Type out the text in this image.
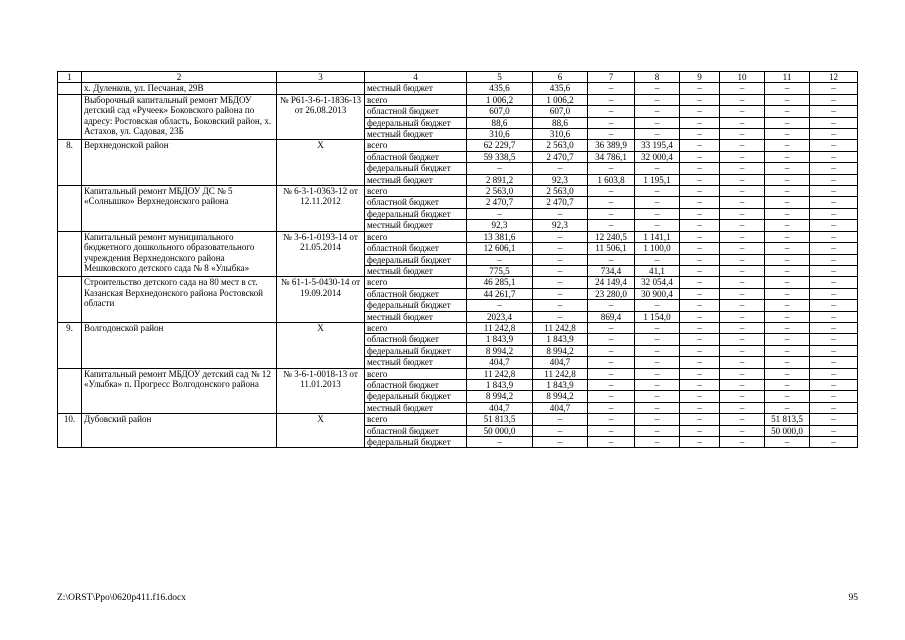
1	2	3	4	5	6	7	8	9	10	11	12
	х. Дуленков, ул. Песчаная, 29В		местный бюджет	435,6	435,6	–	–	–	–	–	–
	Выборочный капитальный ремонт МБДОУ детский сад «Ручеек» Боковского района по адресу: Ростовская область, Боковский район, х. Астахов, ул. Садовая, 23Б	№ Р61-3-6-1-1836-13 от 26.08.2013	всего	1 006,2	1 006,2	–	–	–	–	–	–
			областной бюджет	607,0	607,0	–	–	–	–	–	–
			федеральный бюджет	88,6	88,6	–	–	–	–	–	–
			местный бюджет	310,6	310,6	–	–	–	–	–	–
8.	Верхнедонской район	Х	всего	62 229,7	2 563,0	36 389,9	33 195,4	–	–	–	–
			областной бюджет	59 338,5	2 470,7	34 786,1	32 000,4	–	–	–	–
			федеральный бюджет	–	–	–	–	–	–	–	–
			местный бюджет	2 891,2	92,3	1 603,8	1 195,1	–	–	–	–
	Капитальный ремонт МБДОУ ДС № 5 «Солнышко» Верхнедонского района	№ 6-3-1-0363-12 от 12.11.2012	всего	2 563,0	2 563,0	–	–	–	–	–	–
			областной бюджет	2 470,7	2 470,7	–	–	–	–	–	–
			федеральный бюджет	–	–	–	–	–	–	–	–
			местный бюджет	92,3	92,3	–	–	–	–	–	–
	Капитальный ремонт муниципального бюджетного дошкольного образовательного учреждения Верхнедонского района Мешковского детского сада № 8 «Улыбка»	№ 3-6-1-0193-14 от 21.05.2014	всего	13 381,6	–	12 240,5	1 141,1	–	–	–	–
			областной бюджет	12 606,1	–	11 506,1	1 100,0	–	–	–	–
			федеральный бюджет	–	–	–	–	–	–	–	–
			местный бюджет	775,5	–	734,4	41,1	–	–	–	–
	Строительство детского сада на 80 мест в ст. Казанская Верхнедонского района Ростовской области	№ 61-1-5-0430-14 от 19.09.2014	всего	46 285,1	–	24 149,4	32 054,4	–	–	–	–
			областной бюджет	44 261,7	–	23 280,0	30 900,4	–	–	–	–
			федеральный бюджет	–	–	–	–	–	–	–	–
			местный бюджет	2023,4	–	869,4	1 154,0	–	–	–	–
9.	Волгодонской район	Х	всего	11 242,8	11 242,8	–	–	–	–	–	–
			областной бюджет	1 843,9	1 843,9	–	–	–	–	–	–
			федеральный бюджет	8 994,2	8 994,2	–	–	–	–	–	–
			местный бюджет	404,7	404,7	–	–	–	–	–	–
	Капитальный ремонт МБДОУ детский сад № 12 «Улыбка» п. Прогресс Волгодонского района	№ 3-6-1-0018-13 от 11.01.2013	всего	11 242,8	11 242,8	–	–	–	–	–	–
			областной бюджет	1 843,9	1 843,9	–	–	–	–	–	–
			федеральный бюджет	8 994,2	8 994,2	–	–	–	–	–	–
			местный бюджет	404,7	404,7	–	–	–	–	–	–
10.	Дубовский район	Х	всего	51 813,5	–	–	–	–	–	51 813,5	–
			областной бюджет	50 000,0	–	–	–	–	–	50 000,0	–
			федеральный бюджет	–	–	–	–	–	–	–	–
Z:\ORST\Ppo\0620p411.f16.docx	95
